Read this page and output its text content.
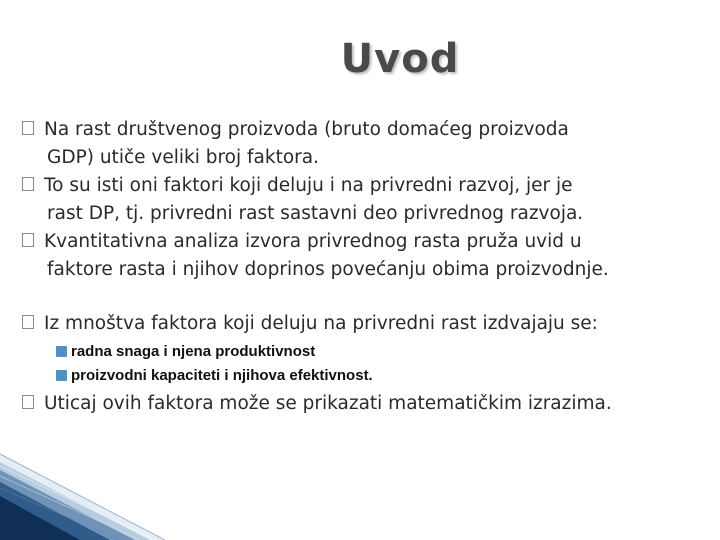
Uvod
Na rast društvenog proizvoda (bruto domaćeg proizvoda
GDP) utiče veliki broj faktora.
To su isti oni faktori koji deluju i na privredni razvoj, jer je
rast DP, tj. privredni rast sastavni deo privrednog razvoja.
Kvantitativna analiza izvora privrednog rasta pruža uvid u
faktore rasta i njihov doprinos povećanju obima proizvodnje.
Iz mnoštva faktora koji deluju na privredni rast izdvajaju se:
radna snaga i njena produktivnost
proizvodni kapaciteti i njihova efektivnost.
Uticaj ovih faktora može se prikazati matematičkim izrazima.
